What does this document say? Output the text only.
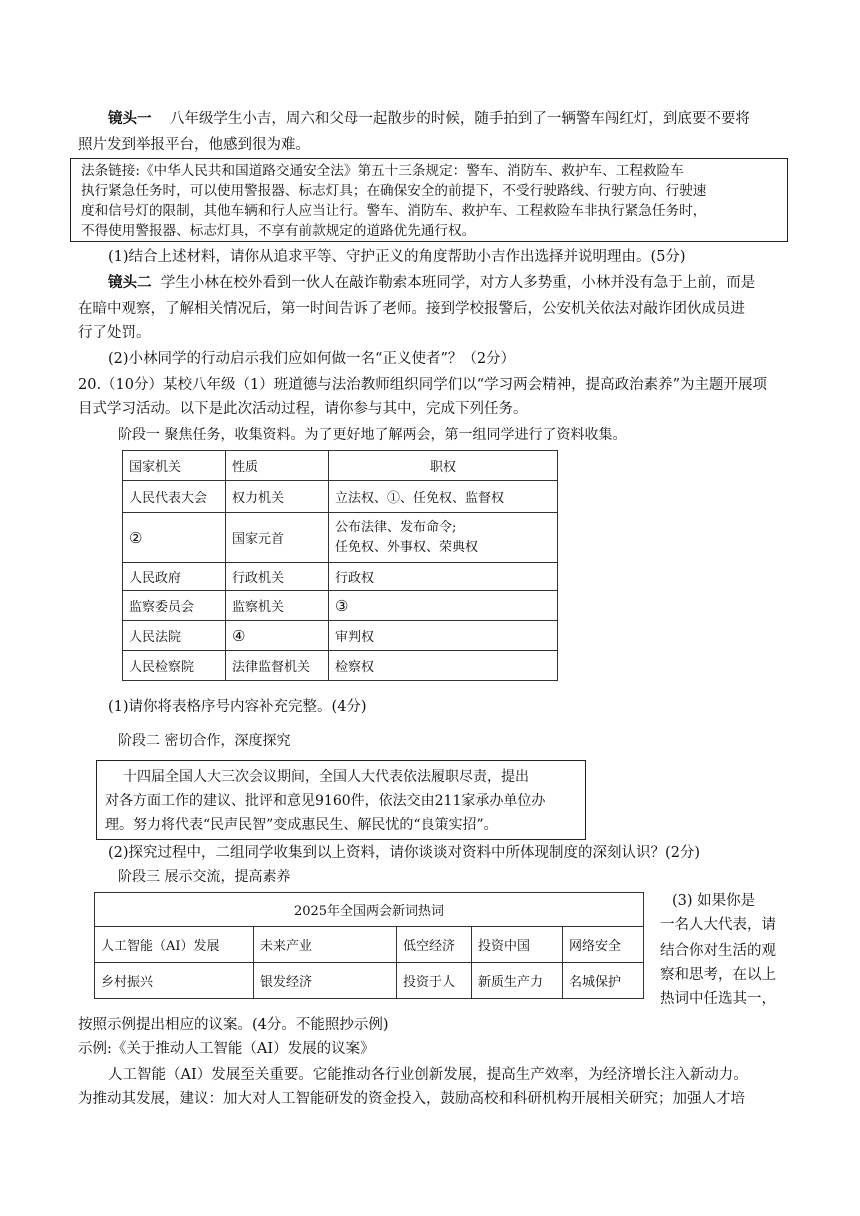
镜头一 八年级学生小吉，周六和父母一起散步的时候，随手拍到了一辆警车闯红灯，到底要不要将
照片发到举报平台，他感到很为难。
法条链接:《中华人民共和国道路交通安全法》第五十三条规定：警车、消防车、救护车、工程救险车
执行紧急任务时，可以使用警报器、标志灯具；在确保安全的前提下，不受行驶路线、行驶方向、行驶速
度和信号灯的限制，其他车辆和行人应当让行。警车、消防车、救护车、工程救险车非执行紧急任务时，
不得使用警报器、标志灯具，不享有前款规定的道路优先通行权。
(1)结合上述材料，请你从追求平等、守护正义的角度帮助小吉作出选择并说明理由。(5分)
镜头二 学生小林在校外看到一伙人在敲诈勒索本班同学，对方人多势重，小林并没有急于上前，而是
在暗中观察，了解相关情况后，第一时间告诉了老师。接到学校报警后，公安机关依法对敲诈团伙成员进
行了处罚。
(2)小林同学的行动启示我们应如何做一名“正义使者”？（2分）
20.（10分）某校八年级（1）班道德与法治教师组织同学们以“学习两会精神，提高政治素养”为主题开展项
目式学习活动。以下是此次活动过程，请你参与其中，完成下列任务。
阶段一 聚焦任务，收集资料。为了更好地了解两会，第一组同学进行了资料收集。
国家机关	性质	职权
人民代表大会	权力机关	立法权、①、任免权、监督权
②	国家元首	公布法律、发布命令;
任免权、外事权、荣典权

人民政府	行政机关	行政权
监察委员会	监察机关	③
人民法院	④	审判权
人民检察院	法律监督机关	检察权
(1)请你将表格序号内容补充完整。(4分)
阶段二 密切合作，深度探究
十四届全国人大三次会议期间，全国人大代表依法履职尽责，提出
对各方面工作的建议、批评和意见9160件，依法交由211家承办单位办
理。努力将代表“民声民智”变成惠民生、解民忧的“良策实招”。
(2)探究过程中，二组同学收集到以上资料，请你谈谈对资料中所体现制度的深刻认识？(2分)
阶段三 展示交流，提高素养
2025年全国两会新词热词				
人工智能（AI）发展	未来产业	低空经济	投资中国	网络安全
乡村振兴	银发经济	投资于人	新质生产力	名城保护
(3) 如果你是
一名人大代表，请
结合你对生活的观
察和思考，在以上
热词中任选其一，
按照示例提出相应的议案。(4分。不能照抄示例)
示例:《关于推动人工智能（AI）发展的议案》
人工智能（AI）发展至关重要。它能推动各行业创新发展，提高生产效率，为经济增长注入新动力。
为推动其发展，建议：加大对人工智能研发的资金投入，鼓励高校和科研机构开展相关研究；加强人才培
